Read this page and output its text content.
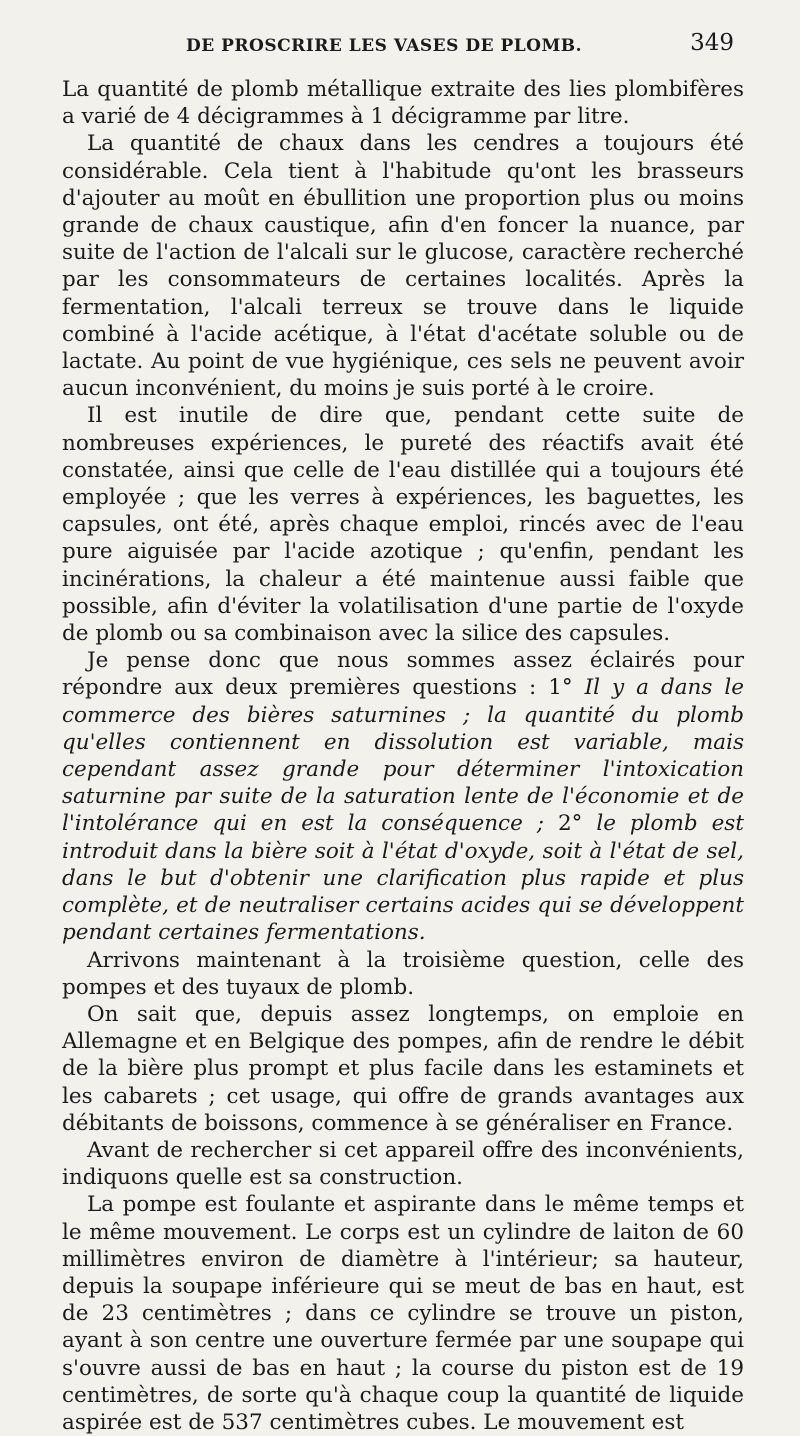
DE PROSCRIRE LES VASES DE PLOMB.	349

La quantité de plomb métallique extraite des lies plombifères a varié de 4 décigrammes à 1 décigramme par litre.

La quantité de chaux dans les cendres a toujours été considérable. Cela tient à l'habitude qu'ont les brasseurs d'ajouter au moût en ébullition une proportion plus ou moins grande de chaux caustique, afin d'en foncer la nuance, par suite de l'action de l'alcali sur le glucose, caractère recherché par les consommateurs de certaines localités. Après la fermentation, l'alcali terreux se trouve dans le liquide combiné à l'acide acétique, à l'état d'acétate soluble ou de lactate. Au point de vue hygiénique, ces sels ne peuvent avoir aucun inconvénient, du moins je suis porté à le croire.

Il est inutile de dire que, pendant cette suite de nombreuses expériences, le pureté des réactifs avait été constatée, ainsi que celle de l'eau distillée qui a toujours été employée ; que les verres à expériences, les baguettes, les capsules, ont été, après chaque emploi, rincés avec de l'eau pure aiguisée par l'acide azotique ; qu'enfin, pendant les incinérations, la chaleur a été maintenue aussi faible que possible, afin d'éviter la volatilisation d'une partie de l'oxyde de plomb ou sa combinaison avec la silice des capsules.

Je pense donc que nous sommes assez éclairés pour répondre aux deux premières questions : 1° Il y a dans le commerce des bières saturnines ; la quantité du plomb qu'elles contiennent en dissolution est variable, mais cependant assez grande pour déterminer l'intoxication saturnine par suite de la saturation lente de l'économie et de l'intolérance qui en est la conséquence ; 2° le plomb est introduit dans la bière soit à l'état d'oxyde, soit à l'état de sel, dans le but d'obtenir une clarification plus rapide et plus complète, et de neutraliser certains acides qui se développent pendant certaines fermentations.

Arrivons maintenant à la troisième question, celle des pompes et des tuyaux de plomb.

On sait que, depuis assez longtemps, on emploie en Allemagne et en Belgique des pompes, afin de rendre le débit de la bière plus prompt et plus facile dans les estaminets et les cabarets ; cet usage, qui offre de grands avantages aux débitants de boissons, commence à se généraliser en France.

Avant de rechercher si cet appareil offre des inconvénients, indiquons quelle est sa construction.

La pompe est foulante et aspirante dans le même temps et le même mouvement. Le corps est un cylindre de laiton de 60 millimètres environ de diamètre à l'intérieur; sa hauteur, depuis la soupape inférieure qui se meut de bas en haut, est de 23 centimètres ; dans ce cylindre se trouve un piston, ayant à son centre une ouverture fermée par une soupape qui s'ouvre aussi de bas en haut ; la course du piston est de 19 centimètres, de sorte qu'à chaque coup la quantité de liquide aspirée est de 537 centimètres cubes. Le mouvement est
